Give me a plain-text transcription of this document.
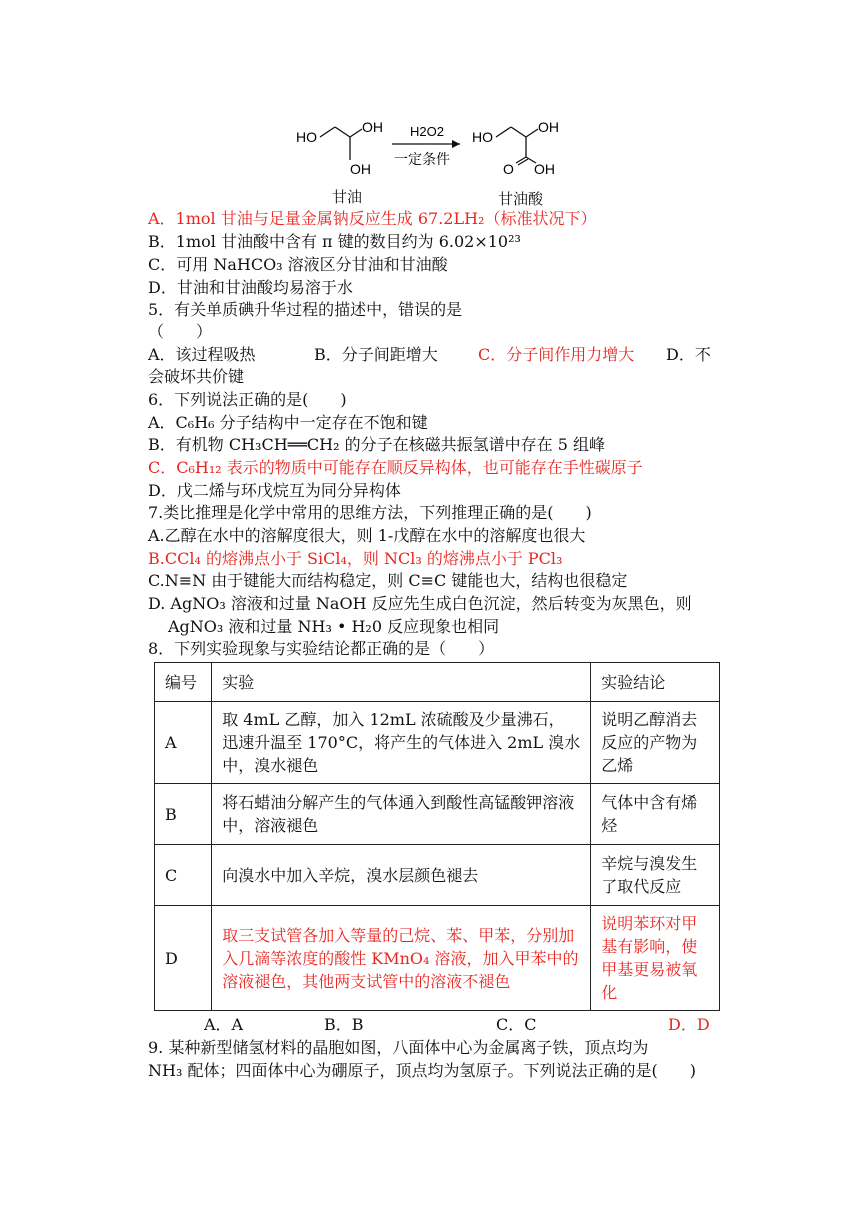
HO
OH
OH
H2O2
一定条件
HO
OH
O OH
甘油	甘油酸
A．1mol 甘油与足量金属钠反应生成 67.2LH₂（标准状况下）
B．1mol 甘油酸中含有 π 键的数目约为 6.02×10²³
C．可用 NaHCO₃ 溶液区分甘油和甘油酸
D．甘油和甘油酸均易溶于水
5．有关单质碘升华过程的描述中，错误的是
（　　）
A．该过程吸热	B．分子间距增大	C．分子间作用力增大 D．不
会破坏共价键
6．下列说法正确的是(　　)
A．C₆H₆ 分子结构中一定存在不饱和键
B．有机物 CH₃CH══CH₂ 的分子在核磁共振氢谱中存在 5 组峰
C．C₆H₁₂ 表示的物质中可能存在顺反异构体，也可能存在手性碳原子
D．戊二烯与环戊烷互为同分异构体
7.类比推理是化学中常用的思维方法，下列推理正确的是(　　)
A.乙醇在水中的溶解度很大，则 1-戊醇在水中的溶解度也很大
B.CCl₄ 的熔沸点小于 SiCl₄，则 NCl₃ 的熔沸点小于 PCl₃
C.N≡N 由于键能大而结构稳定，则 C≡C 键能也大，结构也很稳定
D. AgNO₃ 溶液和过量 NaOH 反应先生成白色沉淀，然后转变为灰黑色，则
AgNO₃ 液和过量 NH₃ • H₂0 反应现象也相同
8．下列实验现象与实验结论都正确的是（　　）
编号	实验	实验结论
A	取 4mL 乙醇，加入 12mL 浓硫酸及少量沸石，迅速升温至 170°C，将产生的气体进入 2mL 溴水中，溴水褪色	说明乙醇消去反应的产物为乙烯
B	将石蜡油分解产生的气体通入到酸性高锰酸钾溶液中，溶液褪色	气体中含有烯烃
C	向溴水中加入辛烷，溴水层颜色褪去	辛烷与溴发生了取代反应
D	取三支试管各加入等量的己烷、苯、甲苯，分别加入几滴等浓度的酸性 KMnO₄ 溶液，加入甲苯中的溶液褪色，其他两支试管中的溶液不褪色	说明苯环对甲基有影响，使甲基更易被氧化
A．A	B．B	C．C	D．D
9. 某种新型储氢材料的晶胞如图，八面体中心为金属离子铁，顶点均为
NH₃ 配体；四面体中心为硼原子，顶点均为氢原子。下列说法正确的是(　　)
